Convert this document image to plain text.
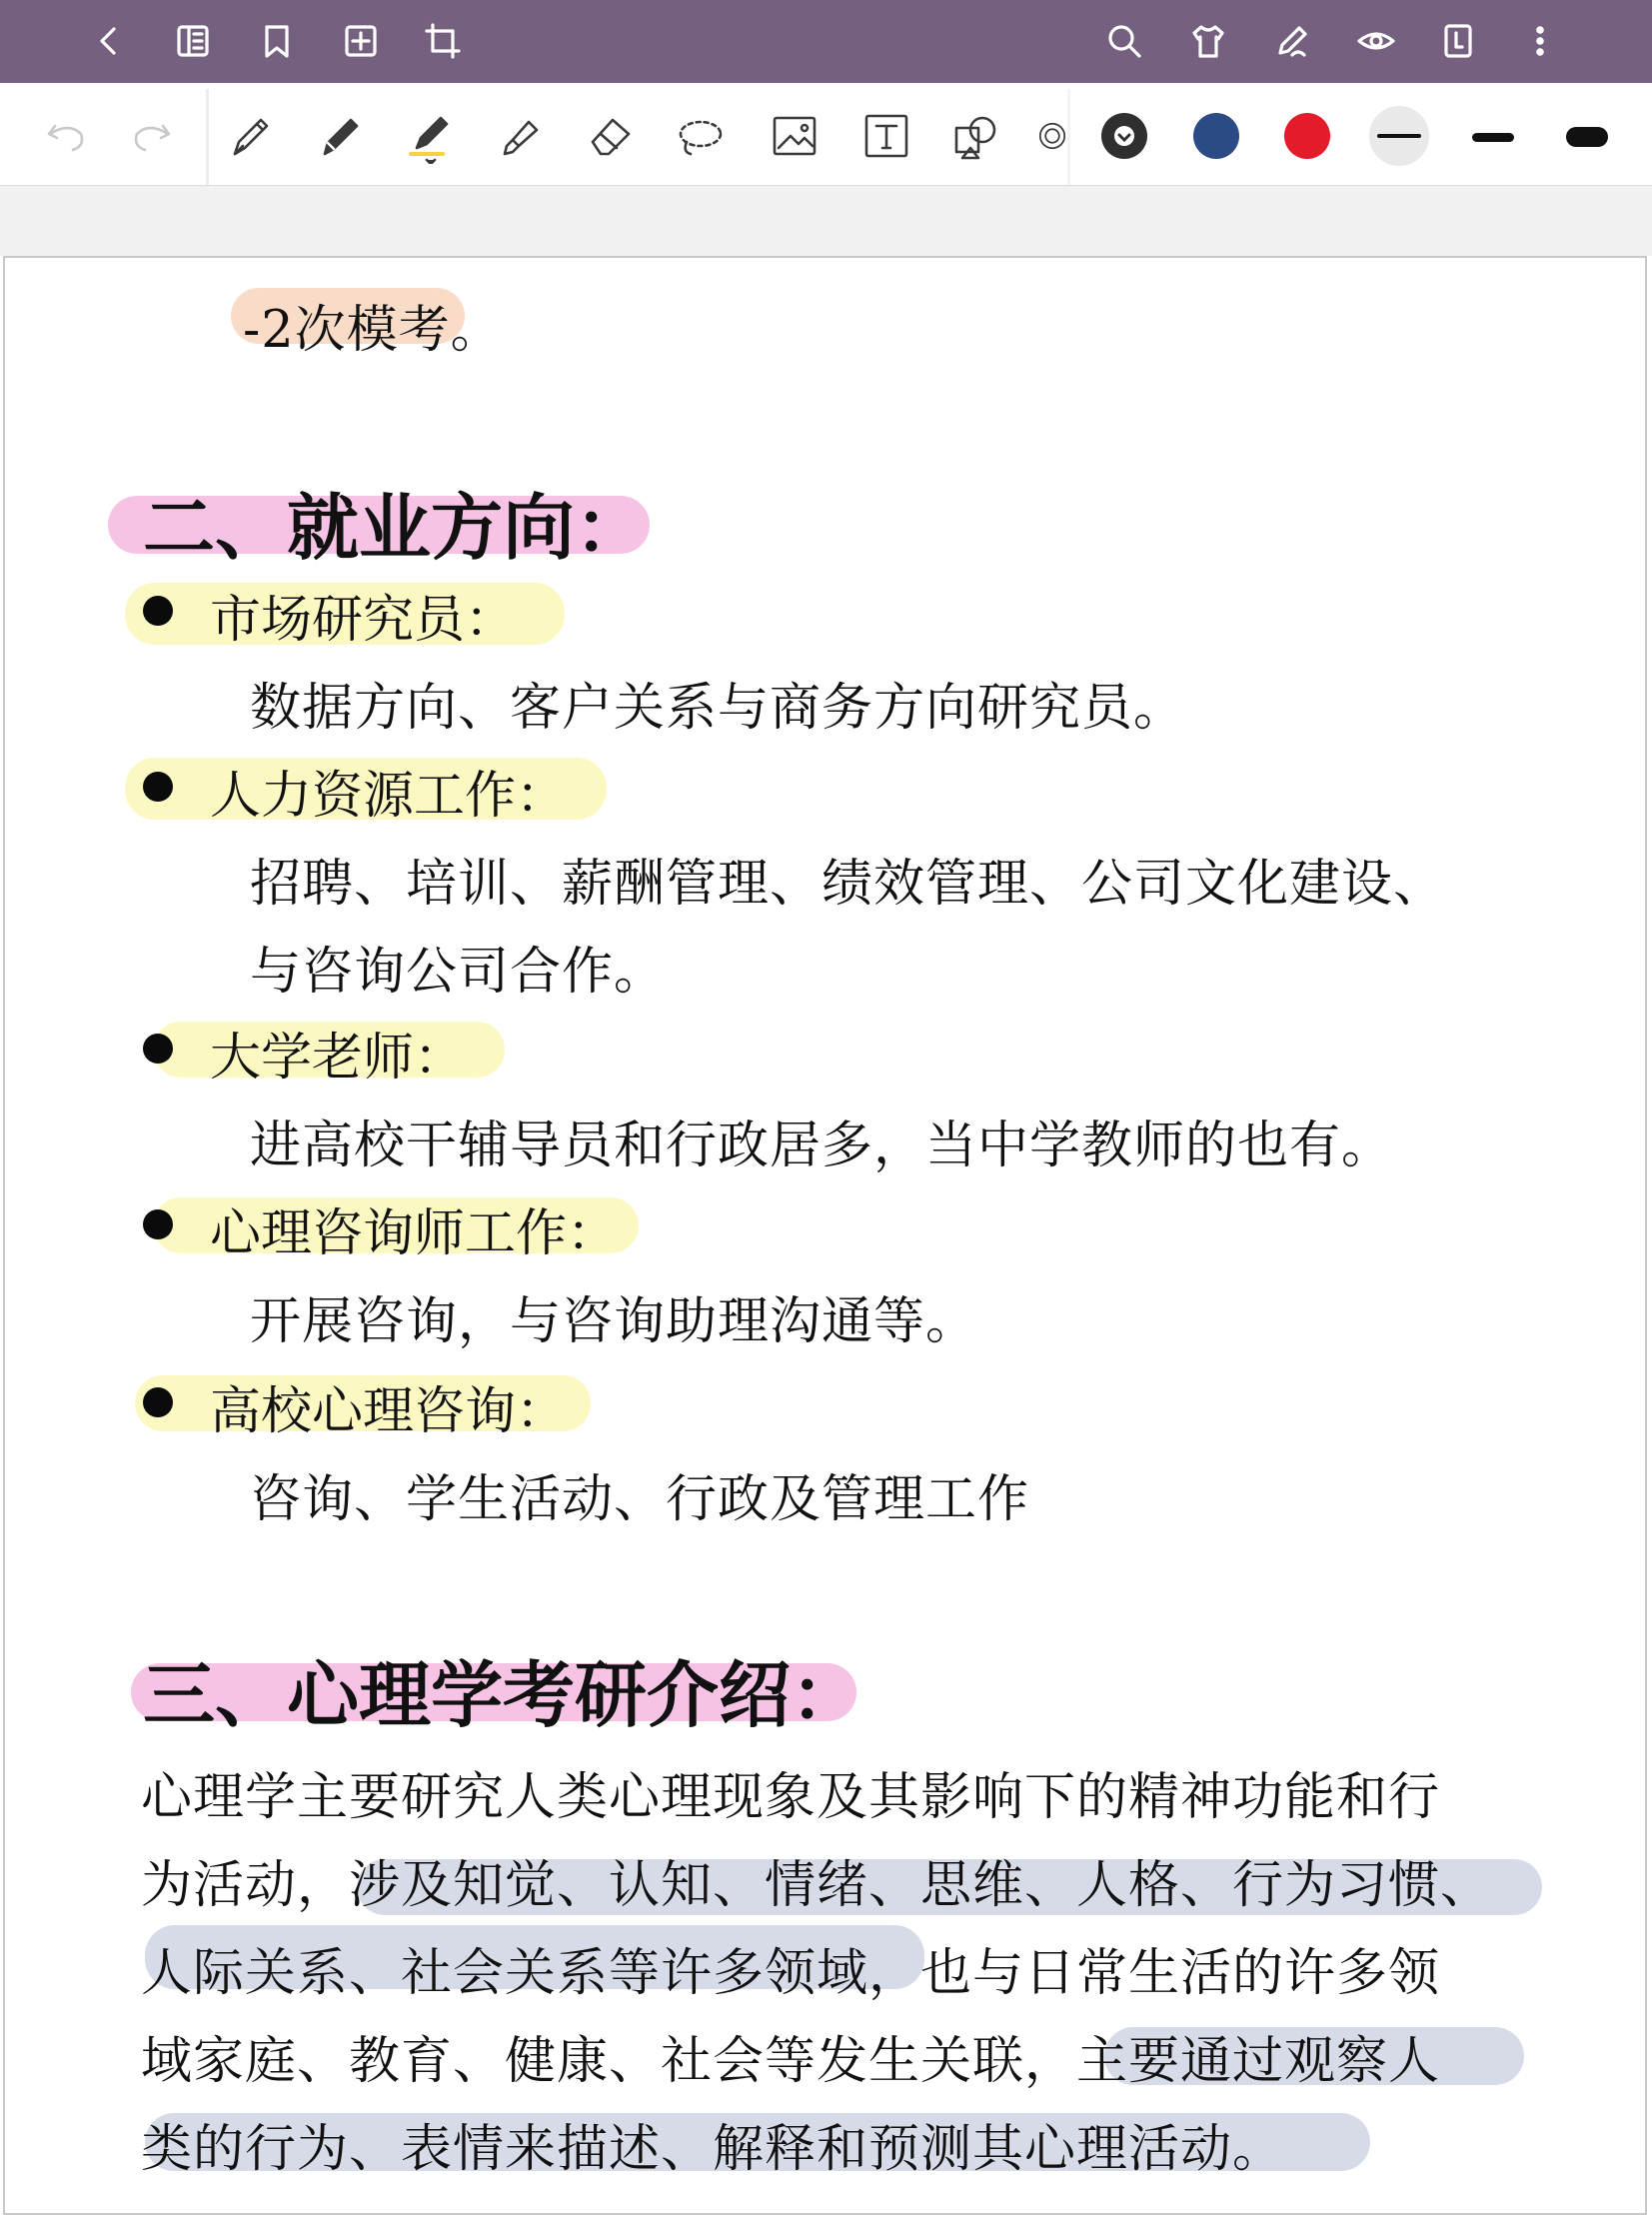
-2次模考。
二、就业方向：
市场研究员：
数据方向、客户关系与商务方向研究员。
人力资源工作：
招聘、培训、薪酬管理、绩效管理、公司文化建设、
与咨询公司合作。
大学老师：
进高校干辅导员和行政居多，当中学教师的也有。
心理咨询师工作：
开展咨询，与咨询助理沟通等。
高校心理咨询：
咨询、学生活动、行政及管理工作
三、心理学考研介绍：
心理学主要研究人类心理现象及其影响下的精神功能和行
为活动，涉及知觉、认知、情绪、思维、人格、行为习惯、
人际关系、社会关系等许多领域，也与日常生活的许多领
域家庭、教育、健康、社会等发生关联，主要通过观察人
类的行为、表情来描述、解释和预测其心理活动。
